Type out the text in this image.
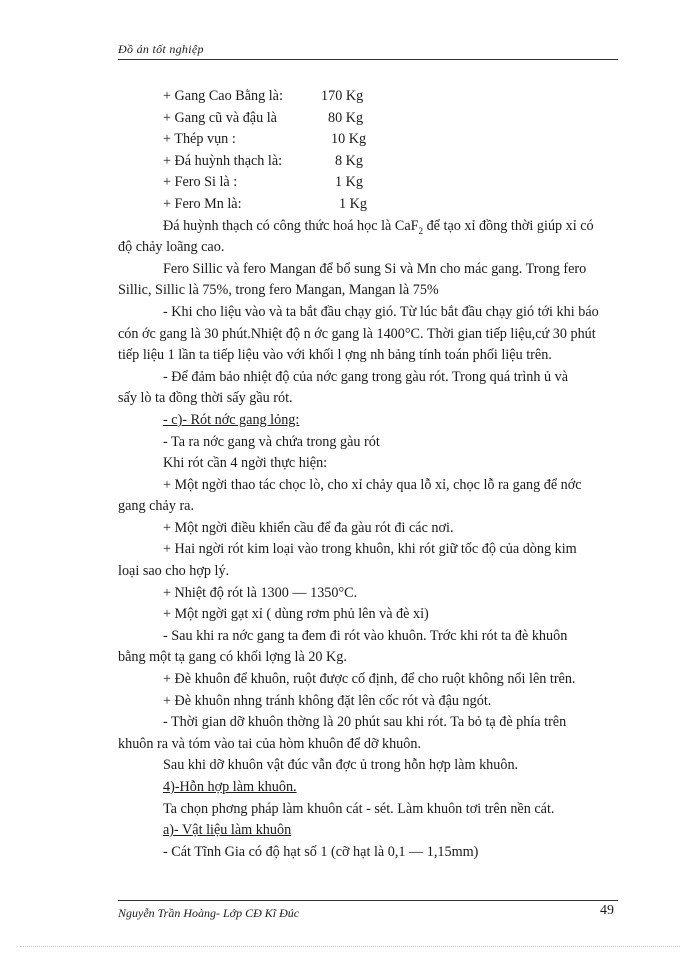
Đồ án tốt nghiệp
+ Gang Cao Bằng là:	170 Kg
+ Gang cũ và đậu là	80 Kg
+ Thép vụn :	10 Kg
+ Đá huỳnh thạch là:	8 Kg
+ Fero Si là :	1 Kg
+ Fero Mn là:	1 Kg
Đá huỳnh thạch có công thức hoá học là CaF$_2$ để tạo xỉ đồng thời giúp xỉ có
độ chảy loãng cao.
Fero Sillic và fero Mangan để bổ sung Si và Mn cho mác gang. Trong fero
Sillic, Sillic là 75%, trong fero Mangan, Mangan là 75%
- Khi cho liệu vào và ta bắt đầu chạy gió. Từ lúc bắt đầu chạy gió tới khi báo
cón ớc gang là 30 phút.Nhiệt độ n ớc gang là 1400°C. Thời gian tiếp liệu,cứ 30 phút
tiếp liệu 1 lần ta tiếp liệu vào với khối l ợng nh bảng tính toán phối liệu trên.
- Để đảm bảo nhiệt độ của nớc gang trong gàu rót. Trong quá trình ủ và
sấy lò ta đồng thời sấy gầu rót.
- c)- Rót nớc gang lỏng:
- Ta ra nớc gang và chứa trong gàu rót
Khi rót cần 4 ngời thực hiện:
+ Một ngời thao tác chọc lò, cho xỉ chảy qua lỗ xỉ, chọc lỗ ra gang để nớc
gang chảy ra.
+ Một ngời điều khiển cầu để đa gàu rót đi các nơi.
+ Hai ngời rót kim loại vào trong khuôn, khi rót giữ tốc độ của dòng kim
loại sao cho hợp lý.
+ Nhiệt độ rót là 1300 — 1350°C.
+ Một ngời gạt xỉ ( dùng rơm phủ lên và đè xỉ)
- Sau khi ra nớc gang ta đem đi rót vào khuôn. Trớc khi rót ta đè khuôn
bằng một tạ gang có khối lợng là 20 Kg.
+ Đè khuôn để khuôn, ruột được cố định, để cho ruột không nổi lên trên.
+ Đè khuôn nhng tránh không đặt lên cốc rót và đậu ngót.
- Thời gian dỡ khuôn thờng là 20 phút sau khi rót. Ta bỏ tạ đè phía trên
khuôn ra và tóm vào tai của hòm khuôn để dỡ khuôn.
Sau khi dỡ khuôn vật đúc vẫn đợc ủ trong hỗn hợp làm khuôn.
4)-Hỗn hợp làm khuôn.
Ta chọn phơng pháp làm khuôn cát - sét. Làm khuôn tơi trên nền cát.
a)- Vật liệu làm khuôn
- Cát Tĩnh Gia có độ hạt số 1 (cỡ hạt là 0,1 — 1,15mm)
Nguyễn Trần Hoàng- Lớp CĐ Kĩ Đúc	49
